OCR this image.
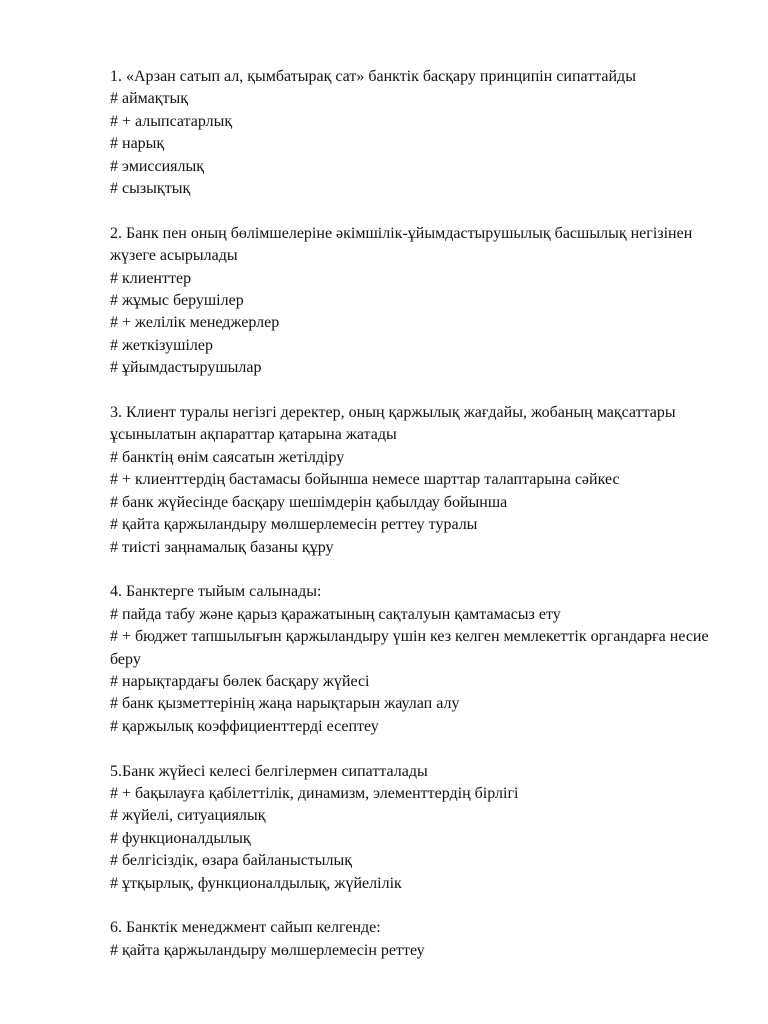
1. «Арзан сатып ал, қымбатырақ сат» банктік басқару принципін сипаттайды
# аймақтық
# + алыпсатарлық
# нарық
# эмиссиялық
# сызықтық
2. Банк пен оның бөлімшелеріне әкімшілік-ұйымдастырушылық басшылық негізінен жүзеге асырылады
# клиенттер
# жұмыс берушілер
# + желілік менеджерлер
# жеткізушілер
# ұйымдастырушылар
3. Клиент туралы негізгі деректер, оның қаржылық жағдайы, жобаның мақсаттары ұсынылатын ақпараттар қатарына жатады
# банктің өнім саясатын жетілдіру
# + клиенттердің бастамасы бойынша немесе шарттар талаптарына сәйкес
# банк жүйесінде басқару шешімдерін қабылдау бойынша
# қайта қаржыландыру мөлшерлемесін реттеу туралы
# тиісті заңнамалық базаны құру
4. Банктерге тыйым салынады:
# пайда табу және қарыз қаражатының сақталуын қамтамасыз ету
# + бюджет тапшылығын қаржыландыру үшін кез келген мемлекеттік органдарға несие беру
# нарықтардағы бөлек басқару жүйесі
# банк қызметтерінің жаңа нарықтарын жаулап алу
# қаржылық коэффициенттерді есептеу
5.Банк жүйесі келесі белгілермен сипатталады
# + бақылауға қабілеттілік, динамизм, элементтердің бірлігі
# жүйелі, ситуациялық
# функционалдылық
# белгісіздік, өзара байланыстылық
# ұтқырлық, функционалдылық, жүйелілік
6. Банктік менеджмент сайып келгенде:
# қайта қаржыландыру мөлшерлемесін реттеу
